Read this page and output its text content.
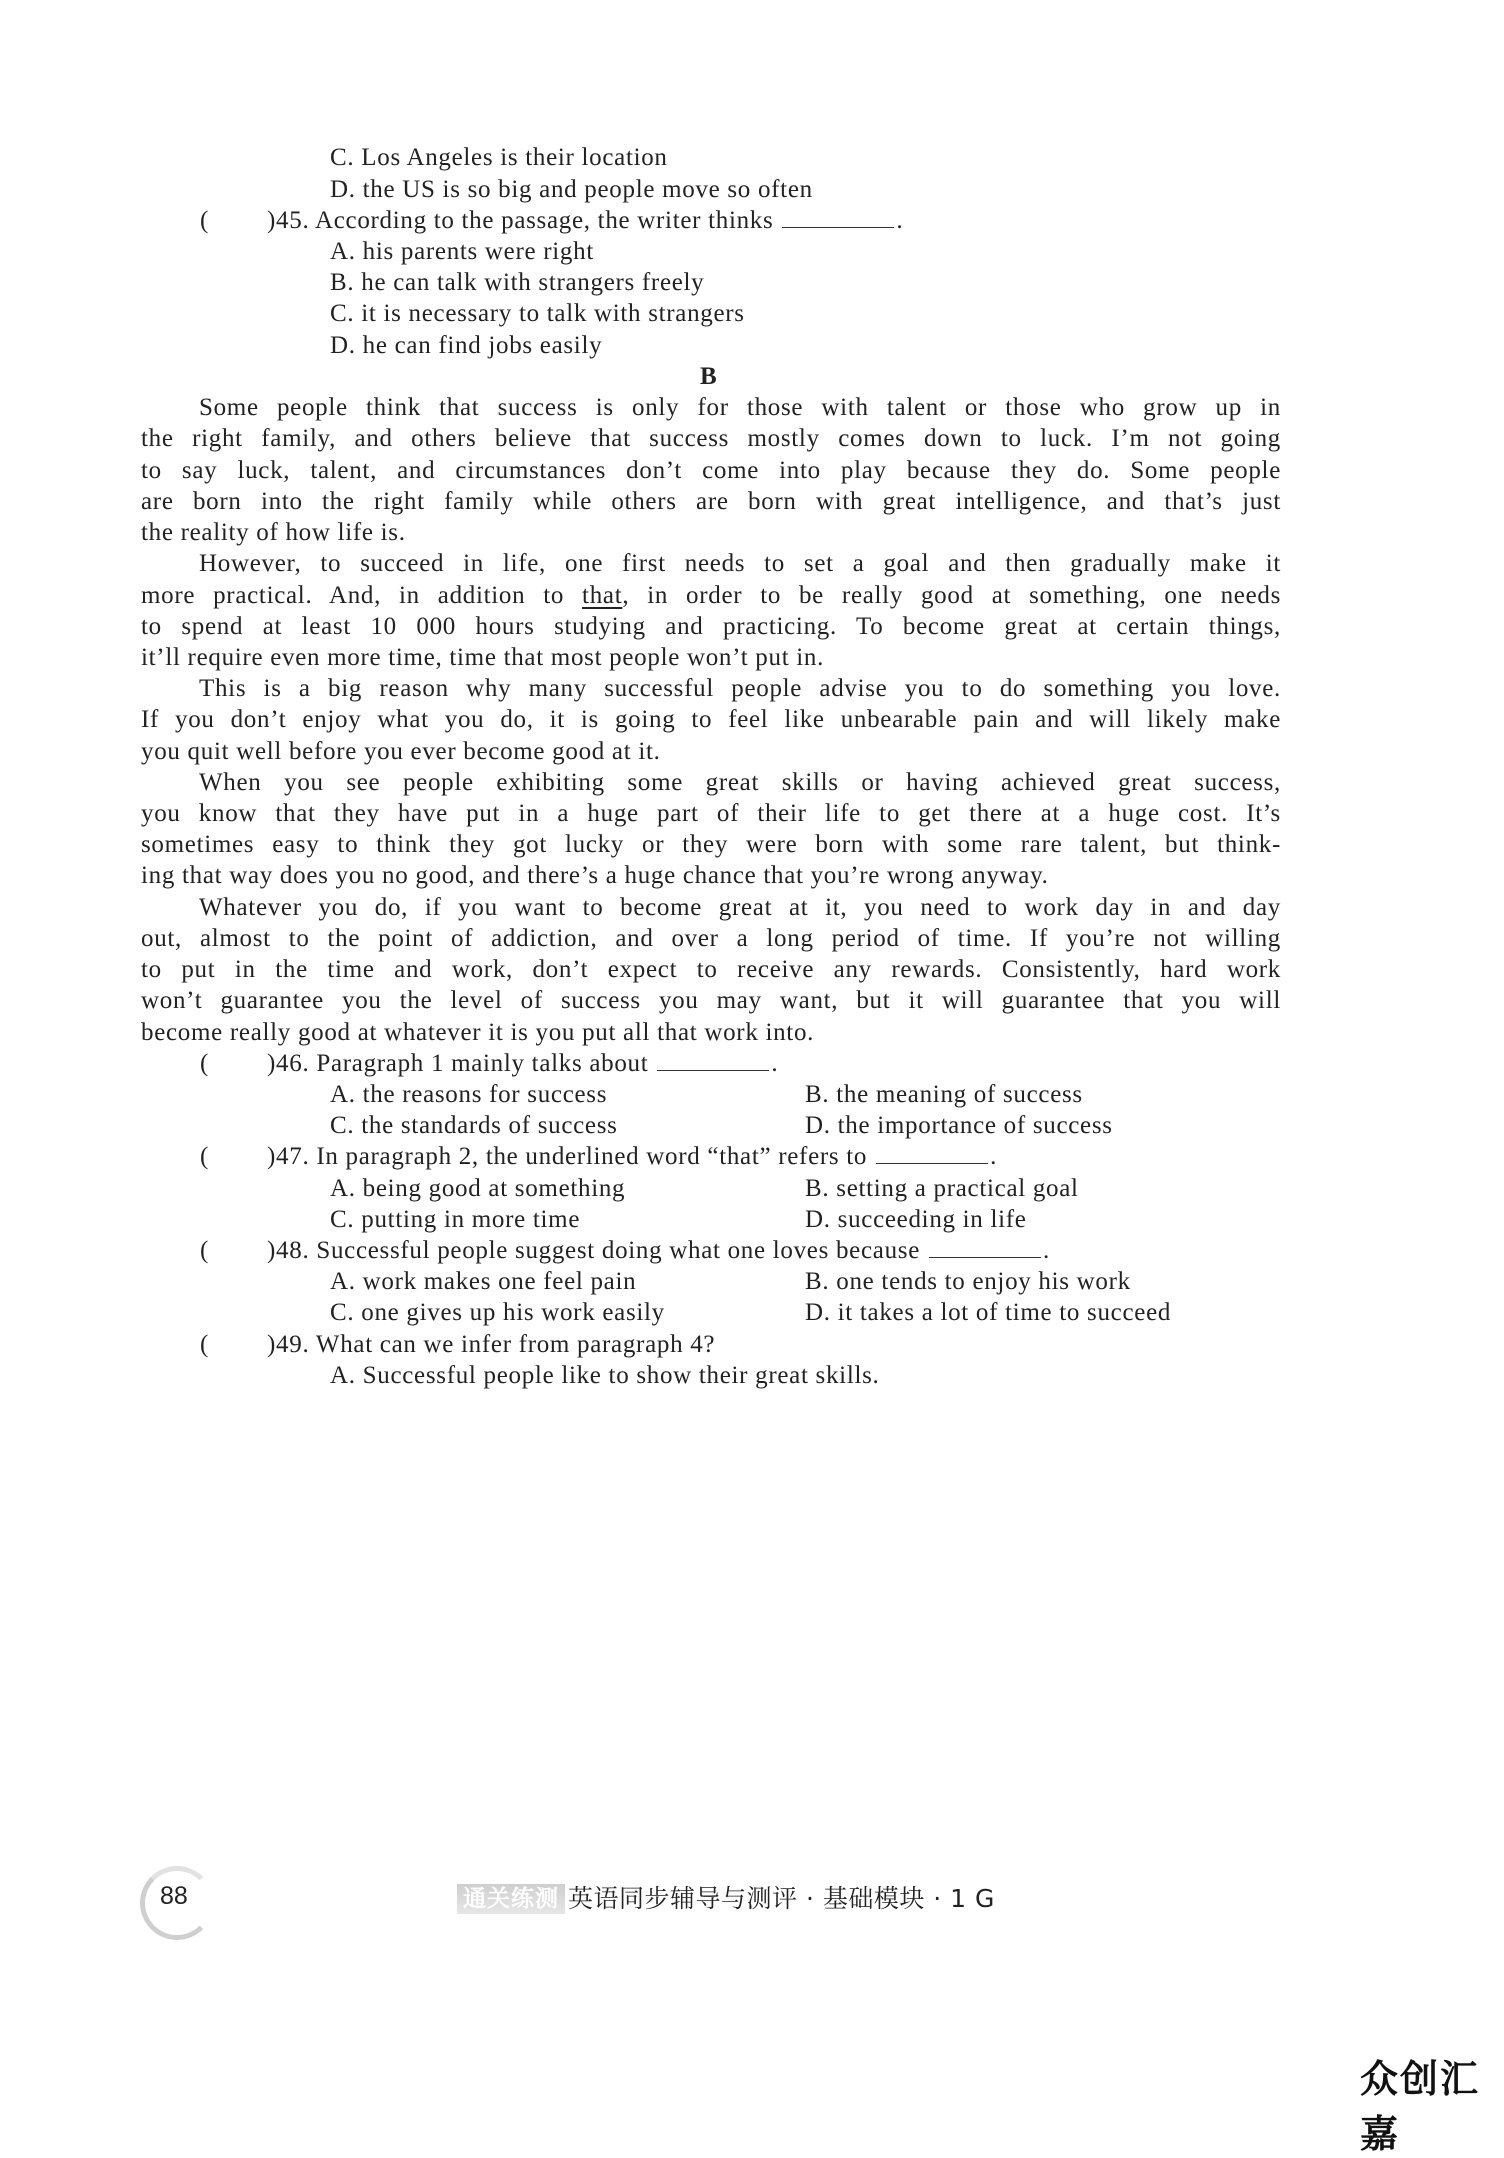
C. Los Angeles is their location
D. the US is so big and people move so often
( )45. According to the passage, the writer thinks	.
A. his parents were right
B. he can talk with strangers freely
C. it is necessary to talk with strangers
D. he can find jobs easily
B
Some people think that success is only for those with talent or those who grow up in
the right family, and others believe that success mostly comes down to luck. I’m not going
to say luck, talent, and circumstances don’t come into play because they do. Some people
are born into the right family while others are born with great intelligence, and that’s just
the reality of how life is.
However, to succeed in life, one first needs to set a goal and then gradually make it
more practical. And, in addition to that, in order to be really good at something, one needs
to spend at least 10 000 hours studying and practicing. To become great at certain things,
it’ll require even more time, time that most people won’t put in.
This is a big reason why many successful people advise you to do something you love.
If you don’t enjoy what you do, it is going to feel like unbearable pain and will likely make
you quit well before you ever become good at it.
When you see people exhibiting some great skills or having achieved great success,
you know that they have put in a huge part of their life to get there at a huge cost. It’s
sometimes easy to think they got lucky or they were born with some rare talent, but think-
ing that way does you no good, and there’s a huge chance that you’re wrong anyway.
Whatever you do, if you want to become great at it, you need to work day in and day
out, almost to the point of addiction, and over a long period of time. If you’re not willing
to put in the time and work, don’t expect to receive any rewards. Consistently, hard work
won’t guarantee you the level of success you may want, but it will guarantee that you will
become really good at whatever it is you put all that work into.
( )46. Paragraph 1 mainly talks about	.
A. the reasons for success	B. the meaning of success
C. the standards of success	D. the importance of success
( )47. In paragraph 2, the underlined word “that” refers to	.
A. being good at something	B. setting a practical goal
C. putting in more time	D. succeeding in life
( )48. Successful people suggest doing what one loves because	.
A. work makes one feel pain	B. one tends to enjoy his work
C. one gives up his work easily	D. it takes a lot of time to succeed
( )49. What can we infer from paragraph 4?
A. Successful people like to show their great skills.
88	通关练测 英语同步辅导与测评 · 基础模块 · 1 G
众创汇嘉
